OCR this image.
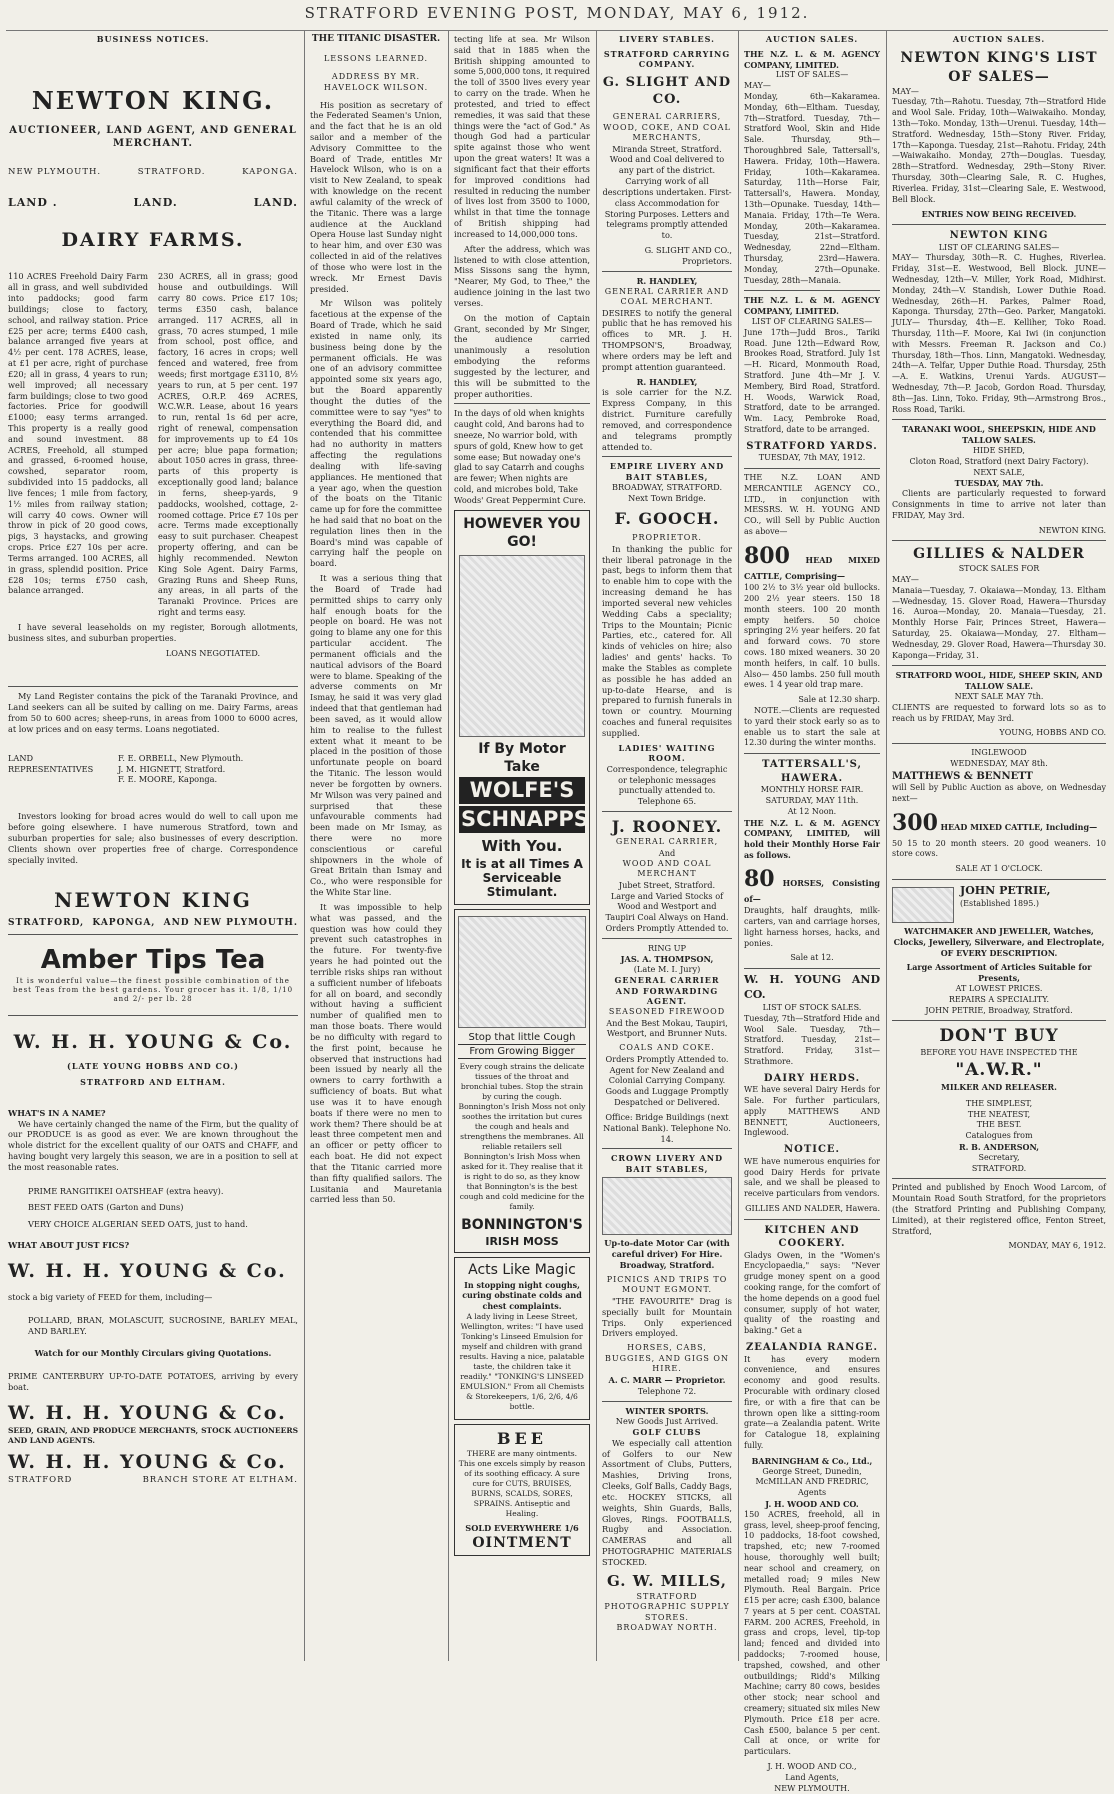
STRATFORD EVENING POST, MONDAY, MAY 6, 1912.
BUSINESS NOTICES.
NEWTON KING.
AUCTIONEER, LAND AGENT, AND GENERAL MERCHANT.
NEW PLYMOUTH.	STRATFORD.	KAPONGA.
LAND .	LAND.	LAND.
DAIRY FARMS.
110 ACRES Freehold Dairy Farm all in grass, and well subdivided into paddocks; good farm buildings; close to factory, school, and railway station. Price £25 per acre; terms £400 cash, balance arranged five years at 4½ per cent. 178 ACRES, lease, at £1 per acre, right of purchase £20; all in grass, 4 years to run; well improved; all necessary farm buildings; close to two good factories. Price for goodwill £1000; easy terms arranged. This property is a really good and sound investment. 88 ACRES, Freehold, all stumped and grassed, 6-roomed house, cowshed, separator room, subdivided into 15 paddocks, all live fences; 1 mile from factory, 1½ miles from railway station; will carry 40 cows. Owner will throw in pick of 20 good cows, pigs, 3 haystacks, and growing crops. Price £27 10s per acre. Terms arranged. 100 ACRES, all in grass, splendid position. Price £28 10s; terms £750 cash, balance arranged.
230 ACRES, all in grass; good house and outbuildings. Will carry 80 cows. Price £17 10s; terms £350 cash, balance arranged. 117 ACRES, all in grass, 70 acres stumped, 1 mile from school, post office, and factory, 16 acres in crops; well fenced and watered, free from weeds; first mortgage £3110, 8½ years to run, at 5 per cent. 197 ACRES, O.R.P. 469 ACRES, W.C.W.R. Lease, about 16 years to run, rental 1s 6d per acre, right of renewal, compensation for improvements up to £4 10s per acre; blue papa formation; about 1050 acres in grass, three-parts of this property is exceptionally good land; balance in ferns, sheep-yards, 9 paddocks, woolshed, cottage, 2-roomed cottage. Price £7 10s per acre. Terms made exceptionally easy to suit purchaser. Cheapest property offering, and can be highly recommended. Newton King Sole Agent. Dairy Farms, Grazing Runs and Sheep Runs, any areas, in all parts of the Taranaki Province. Prices are right and terms easy.

I have several leaseholds on my register, Borough allotments, business sites, and suburban properties.

LOANS NEGOTIATED.

My Land Register contains the pick of the Taranaki Province, and Land seekers can all be suited by calling on me. Dairy Farms, areas from 50 to 600 acres; sheep-runs, in areas from 1000 to 6000 acres, at low prices and on easy terms. Loans negotiated.

LAND REPRESENTATIVES
F. E. ORBELL, New Plymouth.
J. M. HIGNETT, Stratford.
F. E. MOORE, Kaponga.

Investors looking for broad acres would do well to call upon me before going elsewhere. I have numerous Stratford, town and suburban properties for sale; also businesses of every description. Clients shown over properties free of charge. Correspondence specially invited.

NEWTON KING
STRATFORD, KAPONGA, AND NEW PLYMOUTH.
Amber Tips Tea
It is wonderful value—the finest possible combination of the best Teas from the best gardens. Your grocer has it. 1/8, 1/10 and 2/- per lb. 28
W. H. H. YOUNG & Co.
(LATE YOUNG HOBBS AND CO.)
STRATFORD AND ELTHAM.
WHAT'S IN A NAME?

We have certainly changed the name of the Firm, but the quality of our PRODUCE is as good as ever. We are known throughout the whole district for the excellent quality of our OATS and CHAFF, and having bought very largely this season, we are in a position to sell at the most reasonable rates.

PRIME RANGITIKEI OATSHEAF (extra heavy).
BEST FEED OATS (Garton and Duns)
VERY CHOICE ALGERIAN SEED OATS, just to hand.
WHAT ABOUT JUST FICS?
W. H. H. YOUNG & Co.
stock a big variety of FEED for them, including—

POLLARD, BRAN, MOLASCUIT, SUCROSINE, BARLEY MEAL, AND BARLEY.

Watch for our Monthly Circulars giving Quotations.

PRIME CANTERBURY UP-TO-DATE POTATOES, arriving by every boat.

W. H. H. YOUNG & Co.
SEED, GRAIN, AND PRODUCE MERCHANTS, STOCK AUCTIONEERS AND LAND AGENTS.
W. H. H. YOUNG & Co.
STRATFORD	BRANCH STORE AT ELTHAM.
THE TITANIC DISASTER.
LESSONS LEARNED.
ADDRESS BY MR. HAVELOCK WILSON.

His position as secretary of the Federated Seamen's Union, and the fact that he is an old sailor and a member of the Advisory Committee to the Board of Trade, entitles Mr Havelock Wilson, who is on a visit to New Zealand, to speak with knowledge on the recent awful calamity of the wreck of the Titanic. There was a large audience at the Auckland Opera House last Sunday night to hear him, and over £30 was collected in aid of the relatives of those who were lost in the wreck. Mr Ernest Davis presided.

Mr Wilson was politely facetious at the expense of the Board of Trade, which he said existed in name only, its business being done by the permanent officials. He was one of an advisory committee appointed some six years ago, but the Board apparently thought the duties of the committee were to say "yes" to everything the Board did, and contended that his committee had no authority in matters affecting the regulations dealing with life-saving appliances. He mentioned that a year ago, when the question of the boats on the Titanic came up for fore the committee he had said that no boat on the regulation lines then in the Board's mind was capable of carrying half the people on board.

It was a serious thing that the Board of Trade had permitted ships to carry only half enough boats for the people on board. He was not going to blame any one for this particular accident. The permanent officials and the nautical advisors of the Board were to blame. Speaking of the adverse comments on Mr Ismay, he said it was very glad indeed that that gentleman had been saved, as it would allow him to realise to the fullest extent what it meant to be placed in the position of those unfortunate people on board the Titanic. The lesson would never be forgotten by owners. Mr Wilson was very pained and surprised that these unfavourable comments had been made on Mr Ismay, as there were no more conscientious or careful shipowners in the whole of Great Britain than Ismay and Co., who were responsible for the White Star line.

It was impossible to help what was passed, and the question was how could they prevent such catastrophes in the future. For twenty-five years he had pointed out the terrible risks ships ran without a sufficient number of lifeboats for all on board, and secondly without having a sufficient number of qualified men to man those boats. There would be no difficulty with regard to the first point, because he observed that instructions had been issued by nearly all the owners to carry forthwith a sufficiency of boats. But what use was it to have enough boats if there were no men to work them? There should be at least three competent men and an officer or petty officer to each boat. He did not expect that the Titanic carried more than fifty qualified sailors. The Lusitania and Mauretania carried less than 50.

tecting life at sea. Mr Wilson said that in 1885 when the British shipping amounted to some 5,000,000 tons, it required the toll of 3500 lives every year to carry on the trade. When he protested, and tried to effect remedies, it was said that these things were the "act of God." As though God had a particular spite against those who went upon the great waters! It was a significant fact that their efforts for improved conditions had resulted in reducing the number of lives lost from 3500 to 1000, whilst in that time the tonnage of British shipping had increased to 14,000,000 tons.

After the address, which was listened to with close attention, Miss Sissons sang the hymn, "Nearer, My God, to Thee," the audience joining in the last two verses.

On the motion of Captain Grant, seconded by Mr Singer, the audience carried unanimously a resolution embodying the reforms suggested by the lecturer, and this will be submitted to the proper authorities.

In the days of old when knights caught cold, And barons had to sneeze, No warrior bold, with spurs of gold, Knew how to get some ease; But nowaday one's glad to say Catarrh and coughs are fewer; When nights are cold, and microbes bold, Take Woods' Great Peppermint Cure.

HOWEVER YOU GO!
If By Motor Take
WOLFE'S
SCHNAPPS
With You.
It is at all Times A Serviceable Stimulant.
Stop that little Cough
From Growing Bigger

Every cough strains the delicate tissues of the throat and bronchial tubes. Stop the strain by curing the cough. Bonnington's Irish Moss not only soothes the irritation but cures the cough and heals and strengthens the membranes. All reliable retailers sell Bonnington's Irish Moss when asked for it. They realise that it is right to do so, as they know that Bonnington's is the best cough and cold medicine for the family.

BONNINGTON'S
IRISH MOSS
Acts Like Magic
In stopping night coughs, curing obstinate colds and chest complaints.

A lady living in Leese Street, Wellington, writes: "I have used Tonking's Linseed Emulsion for myself and children with grand results. Having a nice, palatable taste, the children take it readily." "TONKING'S LINSEED EMULSION." From all Chemists & Storekeepers, 1/6, 2/6, 4/6 bottle.

BEE

THERE are many ointments. This one excels simply by reason of its soothing efficacy. A sure cure for CUTS, BRUISES, BURNS, SCALDS, SORES, SPRAINS. Antiseptic and Healing.

SOLD EVERYWHERE 1/6
OINTMENT
LIVERY STABLES.
STRATFORD CARRYING COMPANY.
G. SLIGHT AND CO.
GENERAL CARRIERS, WOOD, COKE, AND COAL MERCHANTS,
Miranda Street, Stratford.

Wood and Coal delivered to any part of the district. Carrying work of all descriptions undertaken. First-class Accommodation for Storing Purposes. Letters and telegrams promptly attended to.

G. SLIGHT AND CO., Proprietors.
R. HANDLEY,
GENERAL CARRIER AND COAL MERCHANT.

DESIRES to notify the general public that he has removed his offices to MR. J. H. THOMPSON'S, Broadway, where orders may be left and prompt attention guaranteed.

R. HANDLEY,

is sole carrier for the N.Z. Express Company, in this district. Furniture carefully removed, and correspondence and telegrams promptly attended to.

EMPIRE LIVERY AND BAIT STABLES,
BROADWAY, STRATFORD. Next Town Bridge.
F. GOOCH.
PROPRIETOR.

In thanking the public for their liberal patronage in the past, begs to inform them that to enable him to cope with the increasing demand he has imported several new vehicles Wedding Cabs a speciality; Trips to the Mountain; Picnic Parties, etc., catered for. All kinds of vehicles on hire; also ladies' and gents' hacks. To make the Stables as complete as possible he has added an up-to-date Hearse, and is prepared to furnish funerals in town or country. Mourning coaches and funeral requisites supplied.

LADIES' WAITING ROOM.

Correspondence, telegraphic or telephonic messages punctually attended to. Telephone 65.

J. ROONEY.
GENERAL CARRIER,
And
WOOD AND COAL MERCHANT
Jubet Street, Stratford.

Large and Varied Stocks of Wood and Westport and Taupiri Coal Always on Hand. Orders Promptly Attended to.

RING UP
JAS. A. THOMPSON,
(Late M. I. Jury)
GENERAL CARRIER AND FORWARDING AGENT.
SEASONED FIREWOOD

And the Best Mokau, Taupiri, Westport, and Brunner Nuts.

COALS AND COKE.

Orders Promptly Attended to. Agent for New Zealand and Colonial Carrying Company. Goods and Luggage Promptly Despatched or Delivered.

Office: Bridge Buildings (next National Bank). Telephone No. 14.

CROWN LIVERY AND BAIT STABLES,
Up-to-date Motor Car (with careful driver) For Hire. Broadway, Stratford.
PICNICS AND TRIPS TO MOUNT EGMONT.

"THE FAVOURITE" Drag is specially built for Mountain Trips. Only experienced Drivers employed.

HORSES, CABS, BUGGIES, AND GIGS ON HIRE.
A. C. MARR — Proprietor.
Telephone 72.
WINTER SPORTS.
New Goods Just Arrived.
GOLF CLUBS

We especially call attention of Golfers to our New Assortment of Clubs, Putters, Mashies, Driving Irons, Cleeks, Golf Balls, Caddy Bags, etc. HOCKEY STICKS, all weights, Shin Guards, Balls, Gloves, Rings. FOOTBALLS, Rugby and Association. CAMERAS and all PHOTOGRAPHIC MATERIALS STOCKED.

G. W. MILLS,
STRATFORD PHOTOGRAPHIC SUPPLY STORES.
BROADWAY NORTH.
AUCTION SALES.
THE N.Z. L. & M. AGENCY COMPANY, LIMITED.
LIST OF SALES—
MAY—

Monday, 6th—Kakaramea. Monday, 6th—Eltham. Tuesday, 7th—Stratford. Tuesday, 7th—Stratford Wool, Skin and Hide Sale. Thursday, 9th—Thoroughbred Sale, Tattersall's, Hawera. Friday, 10th—Hawera. Friday, 10th—Kakaramea. Saturday, 11th—Horse Fair, Tattersall's, Hawera. Monday, 13th—Opunake. Tuesday, 14th—Manaia. Friday, 17th—Te Wera. Monday, 20th—Kakaramea. Tuesday, 21st—Stratford. Wednesday, 22nd—Eltham. Thursday, 23rd—Hawera. Monday, 27th—Opunake. Tuesday, 28th—Manaia.

THE N.Z. L. & M. AGENCY COMPANY, LIMITED.
LIST OF CLEARING SALES—

June 17th—Judd Bros., Tariki Road. June 12th—Edward Row, Brookes Road, Stratford. July 1st—H. Ricard, Monmouth Road, Stratford. June 4th—Mr J. V. Membery, Bird Road, Stratford. H. Woods, Warwick Road, Stratford, date to be arranged. Wm. Lacy, Pembroke Road, Stratford, date to be arranged.

STRATFORD YARDS.
TUESDAY, 7th MAY, 1912.

THE N.Z. LOAN AND MERCANTILE AGENCY CO., LTD., in conjunction with MESSRS. W. H. YOUNG AND CO., will Sell by Public Auction as above—

800 HEAD MIXED CATTLE, Comprising—

100 2½ to 3½ year old bullocks. 200 2½ year steers. 150 18 month steers. 100 20 month empty heifers. 50 choice springing 2½ year heifers. 20 fat and forward cows. 70 store cows. 180 mixed weaners. 30 20 month heifers, in calf. 10 bulls. Also— 450 lambs. 250 full mouth ewes. 1 4 year old trap mare.

Sale at 12.30 sharp.

NOTE.—Clients are requested to yard their stock early so as to enable us to start the sale at 12.30 during the winter months.

TATTERSALL'S, HAWERA.
MONTHLY HORSE FAIR.
SATURDAY, MAY 11th.
At 12 Noon.

THE N.Z. L. & M. AGENCY COMPANY, LIMITED, will hold their Monthly Horse Fair as follows.

80 HORSES, Consisting of—

Draughts, half draughts, milk-carters, van and carriage horses, light harness horses, hacks, and ponies.

Sale at 12.
W. H. YOUNG AND CO.
LIST OF STOCK SALES.

Tuesday, 7th—Stratford Hide and Wool Sale. Tuesday, 7th—Stratford. Tuesday, 21st—Stratford. Friday, 31st—Strathmore.

DAIRY HERDS.

WE have several Dairy Herds for Sale. For further particulars, apply MATTHEWS AND BENNETT, Auctioneers, Inglewood.

NOTICE.

WE have numerous enquiries for good Dairy Herds for private sale, and we shall be pleased to receive particulars from vendors.

GILLIES AND NALDER, Hawera.
KITCHEN AND COOKERY.

Gladys Owen, in the "Women's Encyclopaedia," says: "Never grudge money spent on a good cooking range, for the comfort of the home depends on a good fuel consumer, supply of hot water, quality of the roasting and baking." Get a

ZEALANDIA RANGE.

It has every modern convenience, and ensures economy and good results. Procurable with ordinary closed fire, or with a fire that can be thrown open like a sitting-room grate—a Zealandia patent. Write for Catalogue 18, explaining fully.

BARNINGHAM & Co., Ltd.,
George Street, Dunedin,
McMILLAN AND FREDRIC, Agents
J. H. WOOD AND CO.

150 ACRES, freehold, all in grass, level, sheep-proof fencing, 10 paddocks, 18-foot cowshed, trapshed, etc; new 7-roomed house, thoroughly well built; near school and creamery, on metalled road; 9 miles New Plymouth. Real Bargain. Price £15 per acre; cash £300, balance 7 years at 5 per cent. COASTAL FARM. 200 ACRES, Freehold, in grass and crops, level, tip-top land; fenced and divided into paddocks; 7-roomed house, trapshed, cowshed, and other outbuildings; Ridd's Milking Machine; carry 80 cows, besides other stock; near school and creamery; situated six miles New Plymouth. Price £18 per acre. Cash £500, balance 5 per cent. Call at once, or write for particulars.

J. H. WOOD AND CO.,
Land Agents,
NEW PLYMOUTH.
AUCTION SALES.
NEWTON KING'S LIST OF SALES—
MAY—

Tuesday, 7th—Rahotu. Tuesday, 7th—Stratford Hide and Wool Sale. Friday, 10th—Waiwakaiho. Monday, 13th—Toko. Monday, 13th—Urenui. Tuesday, 14th—Stratford. Wednesday, 15th—Stony River. Friday, 17th—Kaponga. Tuesday, 21st—Rahotu. Friday, 24th—Waiwakaiho. Monday, 27th—Douglas. Tuesday, 28th—Stratford. Wednesday, 29th—Stony River. Thursday, 30th—Clearing Sale, R. C. Hughes, Riverlea. Friday, 31st—Clearing Sale, E. Westwood, Bell Block.

ENTRIES NOW BEING RECEIVED.
NEWTON KING
LIST OF CLEARING SALES—

MAY— Thursday, 30th—R. C. Hughes, Riverlea. Friday, 31st—E. Westwood, Bell Block. JUNE— Wednesday, 12th—V. Miller, York Road, Midhirst. Monday, 24th—V. Standish, Lower Duthie Road. Wednesday, 26th—H. Parkes, Palmer Road, Kaponga. Thursday, 27th—Geo. Parker, Mangatoki. JULY— Thursday, 4th—E. Kelliher, Toko Road. Thursday, 11th—F. Moore, Kai Iwi (in conjunction with Messrs. Freeman R. Jackson and Co.) Thursday, 18th—Thos. Linn, Mangatoki. Wednesday, 24th—A. Telfar, Upper Duthie Road. Thursday, 25th—A. E. Watkins, Urenui Yards. AUGUST— Wednesday, 7th—P. Jacob, Gordon Road. Thursday, 8th—Jas. Linn, Toko. Friday, 9th—Armstrong Bros., Ross Road, Tariki.

TARANAKI WOOL, SHEEPSKIN, HIDE AND TALLOW SALES.
HIDE SHED,
Cloton Road, Stratford (next Dairy Factory).
NEXT SALE,
TUESDAY, MAY 7th.

Clients are particularly requested to forward Consignments in time to arrive not later than FRIDAY, May 3rd.

NEWTON KING.
GILLIES & NALDER
STOCK SALES FOR
MAY—

Manaia—Tuesday, 7. Okaiawa—Monday, 13. Eltham—Wednesday, 15. Glover Road, Hawera—Thursday 16. Auroa—Monday, 20. Manaia—Tuesday, 21. Monthly Horse Fair, Princes Street, Hawera—Saturday, 25. Okaiawa—Monday, 27. Eltham—Wednesday, 29. Glover Road, Hawera—Thursday 30. Kaponga—Friday, 31.

STRATFORD WOOL, HIDE, SHEEP SKIN, AND TALLOW SALE.
NEXT SALE MAY 7th.

CLIENTS are requested to forward lots so as to reach us by FRIDAY, May 3rd.

YOUNG, HOBBS AND CO.
INGLEWOOD
WEDNESDAY, MAY 8th.
MATTHEWS & BENNETT

will Sell by Public Auction as above, on Wednesday next—

300 HEAD MIXED CATTLE, Including—

50 15 to 20 month steers. 20 good weaners. 10 store cows.

SALE AT 1 O'CLOCK.
JOHN PETRIE,
(Established 1895.)

WATCHMAKER AND JEWELLER, Watches, Clocks, Jewellery, Silverware, and Electroplate, OF EVERY DESCRIPTION.

Large Assortment of Articles Suitable for Presents,
AT LOWEST PRICES.
REPAIRS A SPECIALITY.
JOHN PETRIE, Broadway, Stratford.
DON'T BUY
BEFORE YOU HAVE INSPECTED THE
"A.W.R."
MILKER AND RELEASER.
THE SIMPLEST,
THE NEATEST,
THE BEST.
Catalogues from
R. B. ANDERSON,
Secretary,
STRATFORD.

Printed and published by Enoch Wood Larcom, of Mountain Road South Stratford, for the proprietors (the Stratford Printing and Publishing Company, Limited), at their registered office, Fenton Street, Stratford,

MONDAY, MAY 6, 1912.
